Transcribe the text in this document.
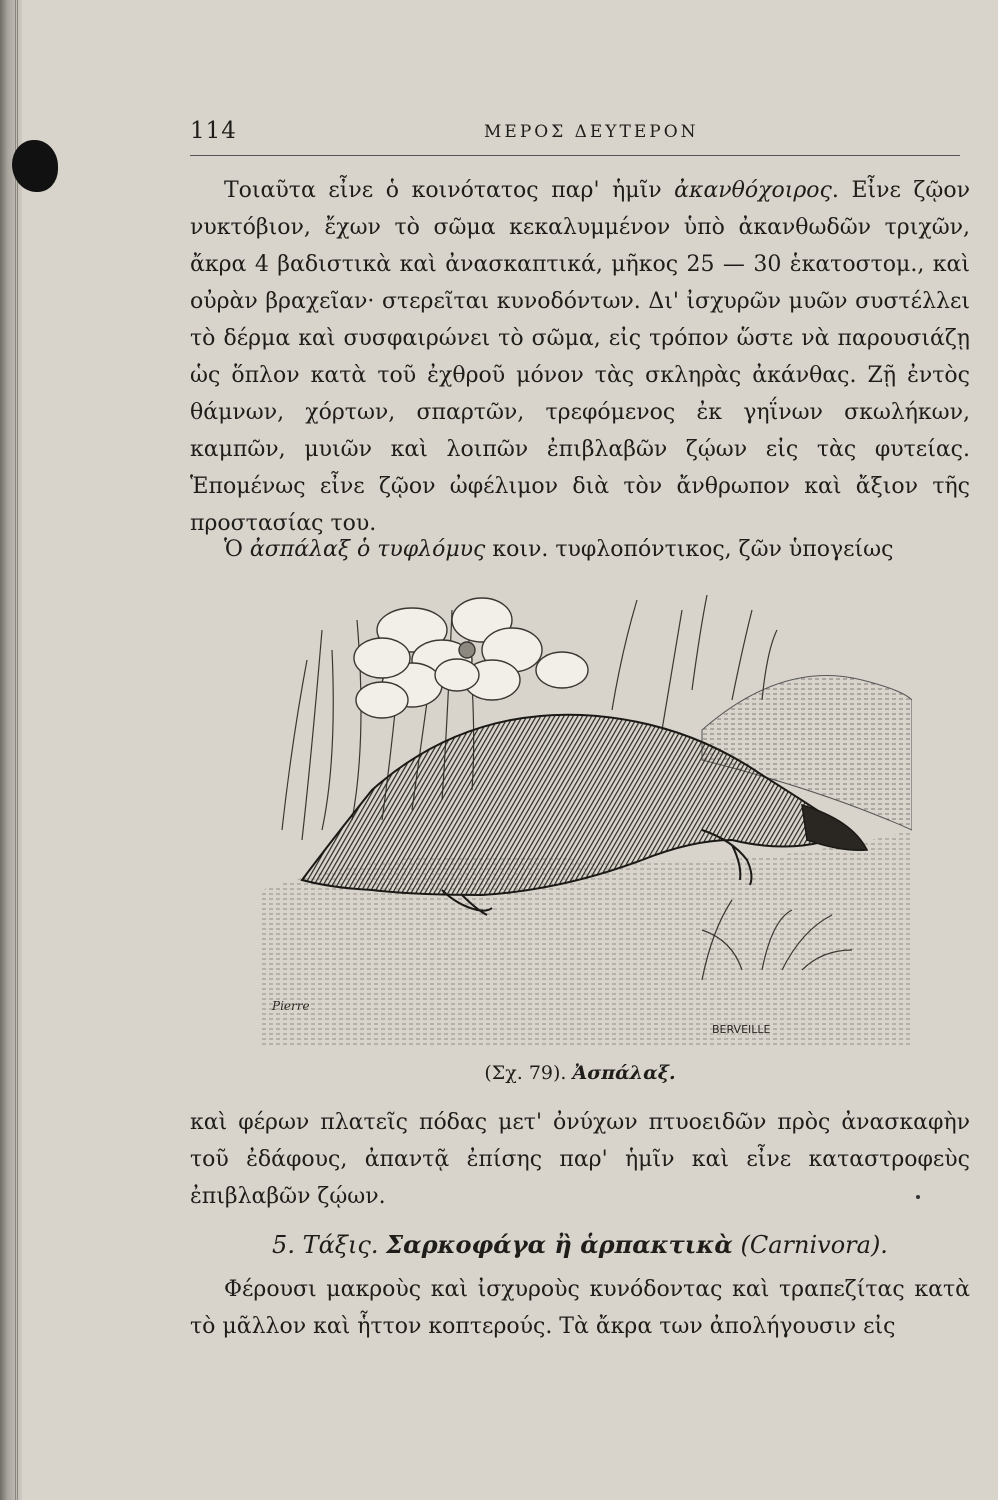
114	ΜΕΡΟΣ ΔΕΥΤΕΡΟΝ

Τοιαῦτα εἶνε ὁ κοινότατος παρ' ἡμῖν ἀκανθόχοιρος. Εἶνε ζῷον νυκτόβιον, ἔχων τὸ σῶμα κεκαλυμμένον ὑπὸ ἀκανθωδῶν τριχῶν, ἄκρα 4 βαδιστικὰ καὶ ἀνασκαπτικά, μῆκος 25 — 30 ἑκατοστομ., καὶ οὐρὰν βραχεῖαν· στερεῖται κυνοδόντων. Δι' ἰσχυρῶν μυῶν συστέλλει τὸ δέρμα καὶ συσφαιρώνει τὸ σῶμα, εἰς τρόπον ὥστε νὰ παρουσιάζῃ ὡς ὅπλον κατὰ τοῦ ἐχθροῦ μόνον τὰς σκληρὰς ἀκάνθας. Ζῇ ἐντὸς θάμνων, χόρτων, σπαρτῶν, τρεφόμενος ἐκ γηΐνων σκωλήκων, καμπῶν, μυιῶν καὶ λοιπῶν ἐπιβλαβῶν ζῴων εἰς τὰς φυτείας. Ἑπομένως εἶνε ζῷον ὠφέλιμον διὰ τὸν ἄνθρωπον καὶ ἄξιον τῆς προστασίας του.

Ὁ ἀσπάλαξ ὁ τυφλόμυς κοιν. τυφλοπόντικος, ζῶν ὑπογείως

Pierre
BERVEILLE
(Σχ. 79). Ἀσπάλαξ.

καὶ φέρων πλατεῖς πόδας μετ' ὀνύχων πτυοειδῶν πρὸς ἀνασκαφὴν τοῦ ἐδάφους, ἀπαντᾷ ἐπίσης παρ' ἡμῖν καὶ εἶνε καταστροφεὺς ἐπιβλαβῶν ζῴων.

5. Τάξις. Σαρκοφάγα ἢ ἁρπακτικὰ (Carnivora).

Φέρουσι μακροὺς καὶ ἰσχυροὺς κυνόδοντας καὶ τραπεζίτας κατὰ τὸ μᾶλλον καὶ ἧττον κοπτερούς. Τὰ ἄκρα των ἀπολήγουσιν εἰς
